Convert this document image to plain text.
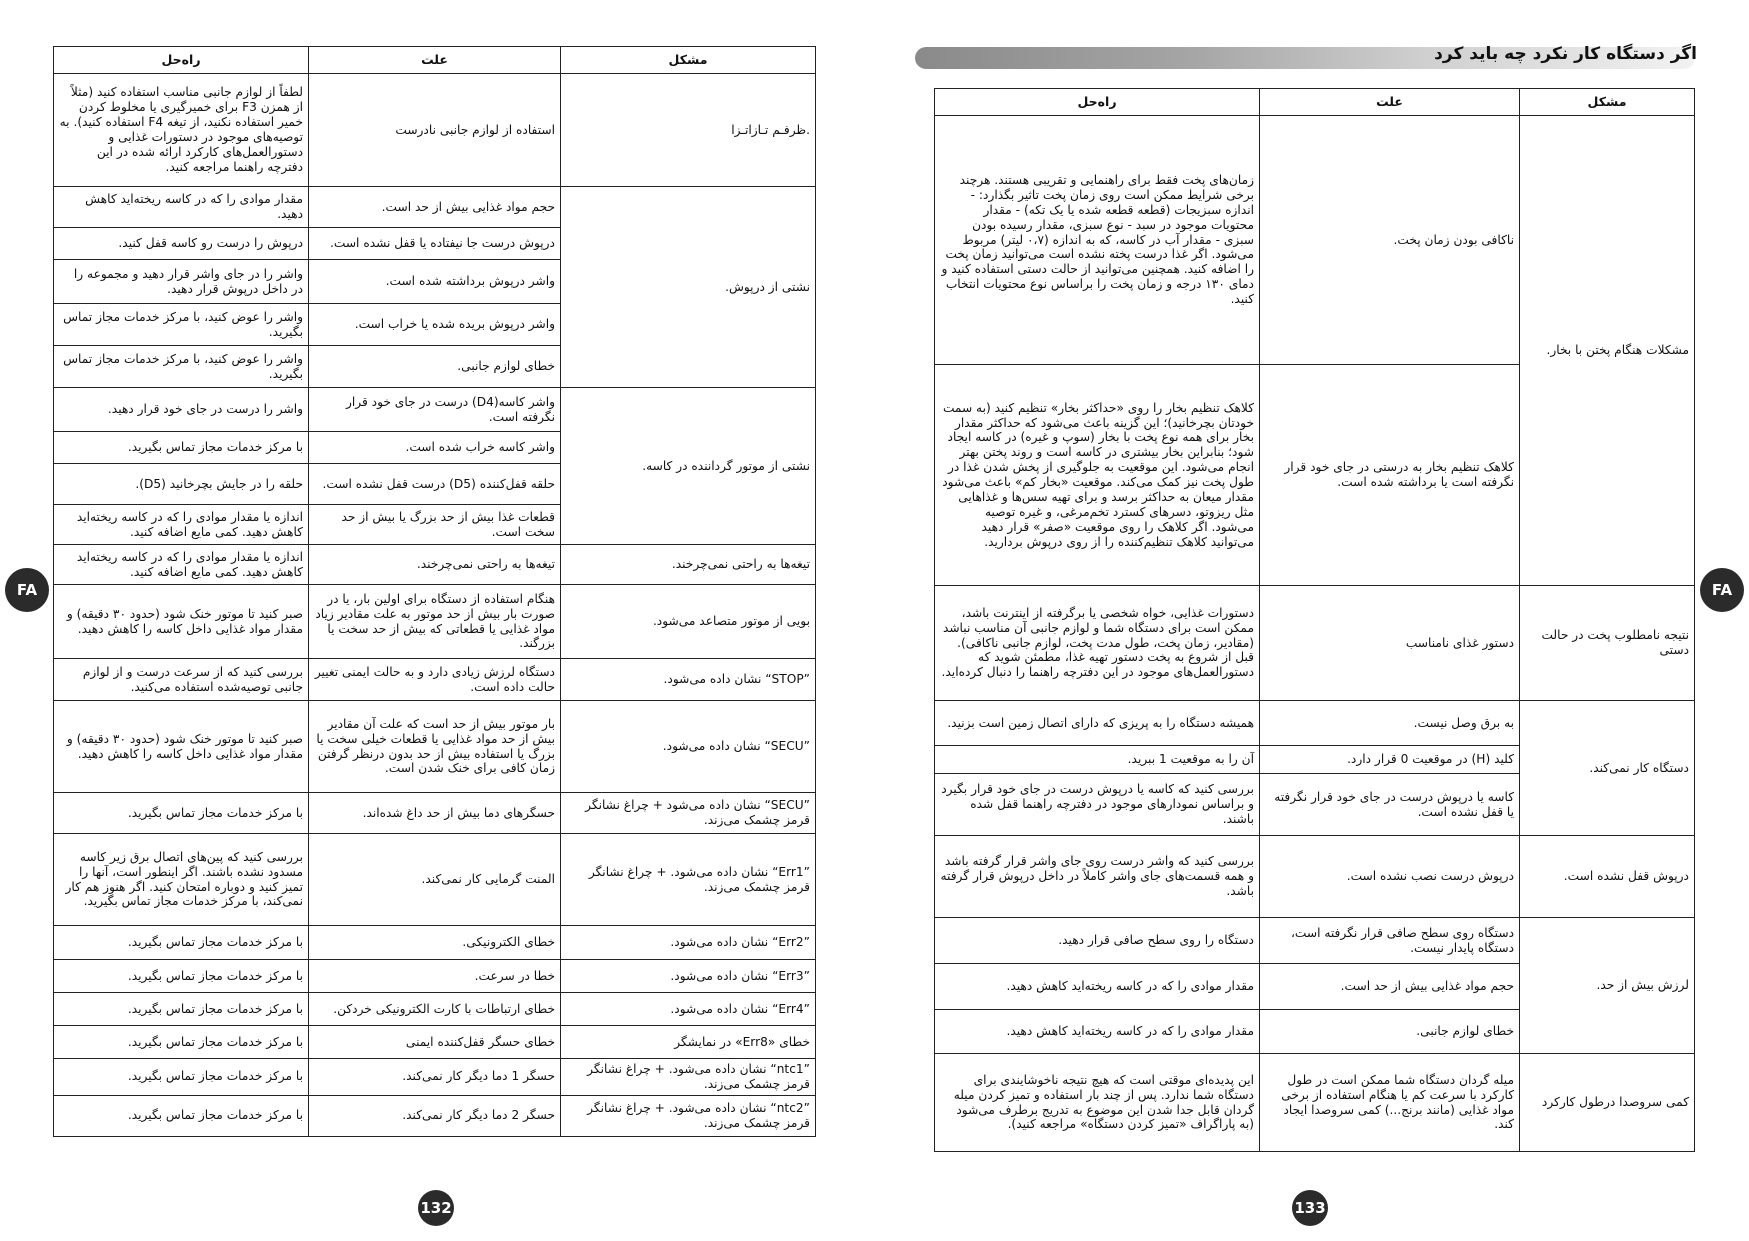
راه‌حل	علت	مشکل
لطفاً از لوازم جانبی مناسب استفاده کنید (مثلاً از همزن F3 برای خمیرگیری یا مخلوط کردن خمیر استفاده نکنید، از تیغه F4 استفاده کنید). به توصیه‌های موجود در دستورات غذایی و دستورالعمل‌های کارکرد ارائه شده در این دفترچه راهنما مراجعه کنید.	استفاده از لوازم جانبی نادرست	.ظرفـم تـازاتـزا
مقدار موادی را که در کاسه ریخته‌اید کاهش دهید.	حجم مواد غذایی بیش از حد است.	نشتی از درپوش.
درپوش را درست رو کاسه قفل کنید.	درپوش درست جا نیفتاده یا قفل نشده است.	
واشر را در جای واشر قرار دهید و مجموعه را در داخل درپوش قرار دهید.	واشر درپوش برداشته شده است.	
واشر را عوض کنید، با مرکز خدمات مجاز تماس بگیرید.	واشر درپوش بریده شده یا خراب است.	
واشر را عوض کنید، با مرکز خدمات مجاز تماس بگیرید.	خطای لوازم جانبی.	
واشر را درست در جای خود قرار دهید.	واشر کاسه(D4) درست در جای خود قرار نگرفته است.	نشتی از موتور گرداننده در کاسه.
با مرکز خدمات مجاز تماس بگیرید.	واشر کاسه خراب شده است.	
حلقه را در جایش بچرخانید (D5).	حلقه قفل‌کننده (D5) درست قفل نشده است.	
اندازه یا مقدار موادی را که در کاسه ریخته‌اید کاهش دهید. کمی مایع اضافه کنید.	قطعات غذا بیش از حد بزرگ یا بیش از حد سخت است.	
اندازه یا مقدار موادی را که در کاسه ریخته‌اید کاهش دهید. کمی مایع اضافه کنید.	تیغه‌ها به راحتی نمی‌چرخند.	تیغه‌ها به راحتی نمی‌چرخند.
صبر کنید تا موتور خنک شود (حدود ۳۰ دقیقه) و مقدار مواد غذایی داخل کاسه را کاهش دهید.	هنگام استفاده از دستگاه برای اولین بار، یا در صورت بار بیش از حد موتور به علت مقادیر زیاد مواد غذایی یا قطعاتی که بیش از حد سخت یا بزرگند.	بویی از موتور متصاعد می‌شود.
بررسی کنید که از سرعت درست و از لوازم جانبی توصیه‌شده استفاده می‌کنید.	دستگاه لرزش زیادی دارد و به حالت ایمنی تغییر حالت داده است.	”STOP“ نشان داده می‌شود.
صبر کنید تا موتور خنک شود (حدود ۳۰ دقیقه) و مقدار مواد غذایی داخل کاسه را کاهش دهید.	بار موتور بیش از حد است که علت آن مقادیر بیش از حد مواد غذایی یا قطعات خیلی سخت یا بزرگ یا استفاده بیش از حد بدون درنظر گرفتن زمان کافی برای خنک شدن است.	”SECU“ نشان داده می‌شود.
با مرکز خدمات مجاز تماس بگیرید.	حسگرهای دما بیش از حد داغ شده‌اند.	”SECU“ نشان داده می‌شود + چراغ نشانگر قرمز چشمک می‌زند.
بررسی کنید که پین‌های اتصال برق زیر کاسه مسدود نشده باشند. اگر اینطور است، آنها را تمیز کنید و دوباره امتحان کنید. اگر هنوز هم کار نمی‌کند، با مرکز خدمات مجاز تماس بگیرید.	المنت گرمایی کار نمی‌کند.	”Err1“ نشان داده می‌شود. + چراغ نشانگر قرمز چشمک می‌زند.
با مرکز خدمات مجاز تماس بگیرید.	خطای الکترونیکی.	”Err2“ نشان داده می‌شود.
با مرکز خدمات مجاز تماس بگیرید.	خطا در سرعت.	”Err3“ نشان داده می‌شود.
با مرکز خدمات مجاز تماس بگیرید.	خطای ارتباطات با کارت الکترونیکی خردکن.	”Err4“ نشان داده می‌شود.
با مرکز خدمات مجاز تماس بگیرید.	خطای حسگر قفل‌کننده ایمنی	خطای «Err8» در نمایشگر
با مرکز خدمات مجاز تماس بگیرید.	حسگر 1 دما دیگر کار نمی‌کند.	”ntc1“ نشان داده می‌شود. + چراغ نشانگر قرمز چشمک می‌زند.
با مرکز خدمات مجاز تماس بگیرید.	حسگر 2 دما دیگر کار نمی‌کند.	”ntc2“ نشان داده می‌شود. + چراغ نشانگر قرمز چشمک می‌زند.
FA
132
اگر دستگاه کار نکرد چه باید کرد
راه‌حل	علت	مشکل
زمان‌های پخت فقط برای راهنمایی و تقریبی هستند. هرچند برخی شرایط ممکن است روی زمان پخت تاثیر بگذارد: - اندازه سبزیجات (قطعه قطعه شده یا یک تکه) - مقدار محتویات موجود در سبد - نوع سبزی، مقدار رسیده بودن سبزی - مقدار آب در کاسه، که به اندازه (۰،۷ لیتر) مربوط می‌شود. اگر غذا درست پخته نشده است می‌توانید زمان پخت را اضافه کنید. همچنین می‌توانید از حالت دستی استفاده کنید و دمای ۱۳۰ درجه و زمان پخت را براساس نوع محتویات انتخاب کنید.	ناکافی بودن زمان پخت.	مشکلات هنگام پختن با بخار.
کلاهک تنظیم بخار را روی «حداکثر بخار» تنظیم کنید (به سمت خودتان بچرخانید)؛ این گزینه باعث می‌شود که حداکثر مقدار بخار برای همه نوع پخت با بخار (سوپ و غیره) در کاسه ایجاد شود؛ بنابراین بخار بیشتری در کاسه است و روند پختن بهتر انجام می‌شود. این موقعیت به جلوگیری از پخش شدن غذا در طول پخت نیز کمک می‌کند. موقعیت «بخار کم» باعث می‌شود مقدار میعان به حداکثر برسد و برای تهیه سس‌ها و غذاهایی مثل ریزوتو، دسرهای کسترد تخم‌مرغی، و غیره توصیه می‌شود. اگر کلاهک را روی موقعیت «صفر» قرار دهید می‌توانید کلاهک تنظیم‌کننده را از روی درپوش بردارید.	کلاهک تنظیم بخار به درستی در جای خود قرار نگرفته است یا برداشته شده است.	
دستورات غذایی، خواه شخصی یا برگرفته از اینترنت باشد، ممکن است برای دستگاه شما و لوازم جانبی آن مناسب نباشد (مقادیر، زمان پخت، طول مدت پخت، لوازم جانبی ناکافی). قبل از شروع به پخت دستور تهیه غذا، مطمئن شوید که دستورالعمل‌های موجود در این دفترچه راهنما را دنبال کرده‌اید.	دستور غذای نامناسب	نتیجه نامطلوب پخت در حالت دستی
همیشه دستگاه را به پریزی که دارای اتصال زمین است بزنید.	به برق وصل نیست.	دستگاه کار نمی‌کند.
آن را به موقعیت 1 ببرید.	کلید (H) در موقعیت 0 قرار دارد.	
بررسی کنید که کاسه یا درپوش درست در جای خود قرار بگیرد و براساس نمودارهای موجود در دفترچه راهنما قفل شده باشند.	کاسه یا درپوش درست در جای خود قرار نگرفته یا قفل نشده است.	
بررسی کنید که واشر درست روی جای واشر قرار گرفته باشد و همه قسمت‌های جای واشر کاملاً در داخل درپوش قرار گرفته باشد.	درپوش درست نصب نشده است.	درپوش قفل نشده است.
دستگاه را روی سطح صافی قرار دهید.	دستگاه روی سطح صافی قرار نگرفته است، دستگاه پایدار نیست.	لرزش بیش از حد.
مقدار موادی را که در کاسه ریخته‌اید کاهش دهید.	حجم مواد غذایی بیش از حد است.	
مقدار موادی را که در کاسه ریخته‌اید کاهش دهید.	خطای لوازم جانبی.	
این پدیده‌ای موقتی است که هیچ نتیجه ناخوشایندی برای دستگاه شما ندارد. پس از چند بار استفاده و تمیز کردن میله گردان قابل جدا شدن این موضوع به تدریج برطرف می‌شود (به پاراگراف «تمیز کردن دستگاه» مراجعه کنید).	میله گردان دستگاه شما ممکن است در طول کارکرد با سرعت کم یا هنگام استفاده از برخی مواد غذایی (مانند برنج...) کمی سروصدا ایجاد کند.	کمی سروصدا درطول کارکرد
FA
133
